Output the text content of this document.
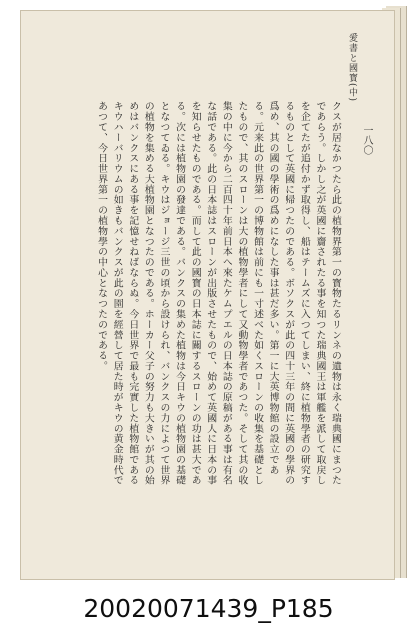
愛書と國寳(中)
一八〇
クスが居なかつたら此の植物界第一の寳物たるリンネの遺物は永く瑞典國にまつたであらう。しかし之が英國に齎されたる事を知つた瑞典國王は軍艦を派して取戻しを企てたが追付かず取得し、船はテームズに入つてしまい、終に植物學者の研究するものとして英國に帰つたのである。ボソクスが此の四十三年の間に英國の學界の爲め、其の國の學術の爲めになした事は甚だ多い。第一に大英博物館の設立である。元来此の世界第一の博物館は前にも一寸述べた如くスローンの收集を基礎としたもので、其のスローンは大の植物學者にして又動物學者であつた。そして其の收集の中に今から二百四十年前日本へ來たケムプエルの日本誌の原稿がある事は有名な話である。此の日本誌はスローンが出版させたもので、始めて英國人に日本の事を知らせたものである。而して此の國寳の日本誌に關するスローンの功は甚大である。次には植物園の發達である。バンクスの集めた植物は今日キウの植物園の基礎となつてゐる。キウはジョージ三世の頃から設けられ、バンクスの力によつて世界の植物を集める大植物園となつたのである。ホーカー父子の努力も大きいが其の始めはバンクスにある事を記憶せねばならぬ。今日世界で最も完實した植物館であるキウハーバリウムの如きもバンクスが此の園を經營して居た時がキウの黄金時代であつて、今日世界第一の植物學の中心となつたのである。
20020071439_P185
